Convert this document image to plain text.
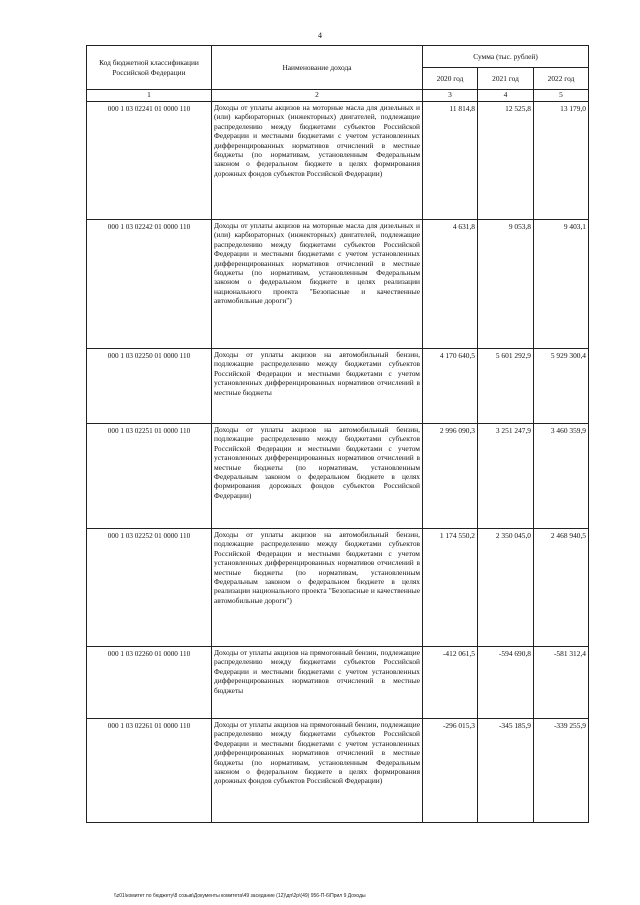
4
Код бюджетной классификации Российской Федерации	Наименование дохода	Сумма (тыс. рублей)		
		2020 год	2021 год	2022 год
1	2	3	4	5
000 1 03 02241 01 0000 110	Доходы от уплаты акцизов на моторные масла для дизельных и (или) карбюраторных (инжекторных) двигателей, подлежащие распределению между бюджетами субъектов Российской Федерации и местными бюджетами с учетом установленных дифференцированных нормативов отчислений в местные бюджеты (по нормативам, установленным Федеральным законом о федеральном бюджете в целях формирования дорожных фондов субъектов Российской Федерации)	11 814,8	12 525,8	13 179,0
000 1 03 02242 01 0000 110	Доходы от уплаты акцизов на моторные масла для дизельных и (или) карбюраторных (инжекторных) двигателей, подлежащие распределению между бюджетами субъектов Российской Федерации и местными бюджетами с учетом установленных дифференцированных нормативов отчислений в местные бюджеты (по нормативам, установленным Федеральным законом о федеральном бюджете в целях реализации национального проекта "Безопасные и качественные автомобильные дороги")	4 631,8	9 053,8	9 403,1
000 1 03 02250 01 0000 110	Доходы от уплаты акцизов на автомобильный бензин, подлежащие распределению между бюджетами субъектов Российской Федерации и местными бюджетами с учетом установленных дифференцированных нормативов отчислений в местные бюджеты	4 170 640,5	5 601 292,9	5 929 300,4
000 1 03 02251 01 0000 110	Доходы от уплаты акцизов на автомобильный бензин, подлежащие распределению между бюджетами субъектов Российской Федерации и местными бюджетами с учетом установленных дифференцированных нормативов отчислений в местные бюджеты (по нормативам, установленным Федеральным законом о федеральном бюджете в целях формирования дорожных фондов субъектов Российской Федерации)	2 996 090,3	3 251 247,9	3 460 359,9
000 1 03 02252 01 0000 110	Доходы от уплаты акцизов на автомобильный бензин, подлежащие распределению между бюджетами субъектов Российской Федерации и местными бюджетами с учетом установленных дифференцированных нормативов отчислений в местные бюджеты (по нормативам, установленным Федеральным законом о федеральном бюджете в целях реализации национального проекта "Безопасные и качественные автомобильные дороги")	1 174 550,2	2 350 045,0	2 468 940,5
000 1 03 02260 01 0000 110	Доходы от уплаты акцизов на прямогонный бензин, подлежащие распределению между бюджетами субъектов Российской Федерации и местными бюджетами с учетом установленных дифференцированных нормативов отчислений в местные бюджеты	-412 061,5	-594 690,8	-581 312,4
000 1 03 02261 01 0000 110	Доходы от уплаты акцизов на прямогонный бензин, подлежащие распределению между бюджетами субъектов Российской Федерации и местными бюджетами с учетом установленных дифференцированных нормативов отчислений в местные бюджеты (по нормативам, установленным Федеральным законом о федеральном бюджете в целях формирования дорожных фондов субъектов Российской Федерации)	-296 015,3	-345 185,9	-339 255,9
\\z01\комитет по бюджету\8 созыв\Документы комитета\49 заседание (12)\дп\2р\(49) 956-П-6\Прил 9 Доходы
